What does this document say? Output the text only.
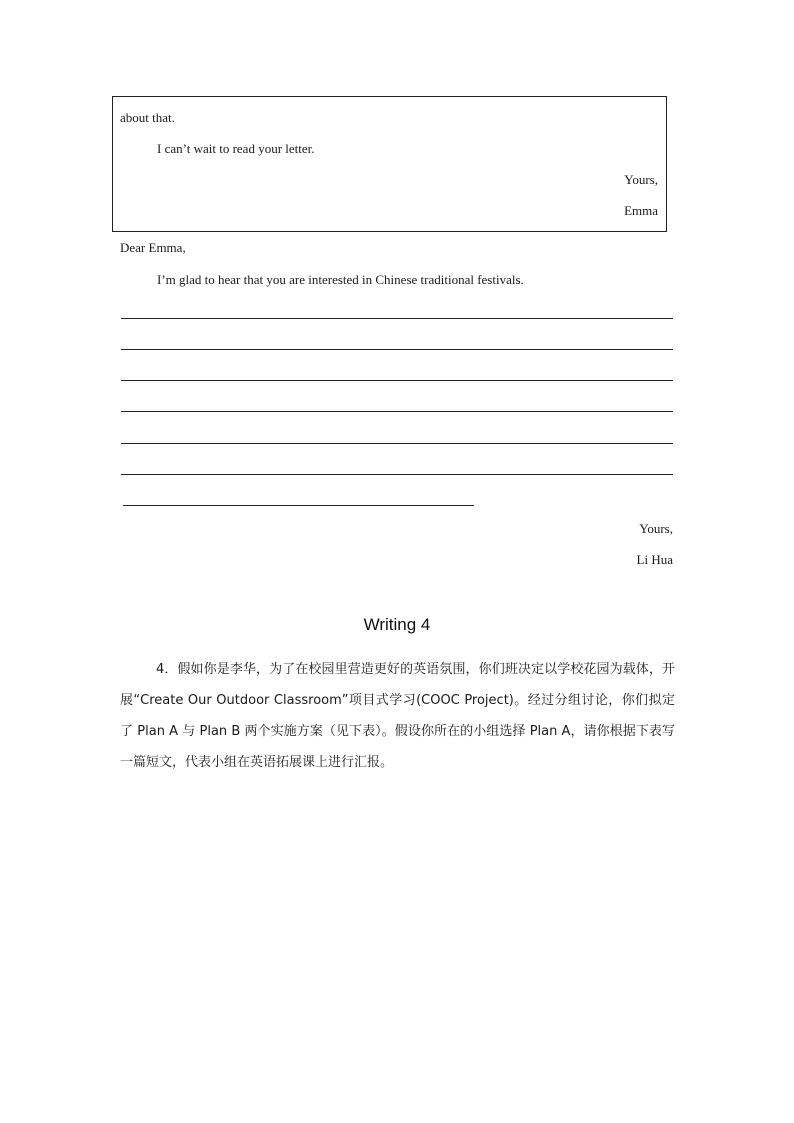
about that.
I can’t wait to read your letter.
Yours,
Emma
Dear Emma,
I’m glad to hear that you are interested in Chinese traditional festivals.
Yours,
Li Hua
Writing 4
4．假如你是李华，为了在校园里营造更好的英语氛围，你们班决定以学校花园为载体，开展“Create Our Outdoor Classroom”项目式学习(COOC Project)。经过分组讨论，你们拟定了 Plan A 与 Plan B 两个实施方案（见下表）。假设你所在的小组选择 Plan A，请你根据下表写一篇短文，代表小组在英语拓展课上进行汇报。
